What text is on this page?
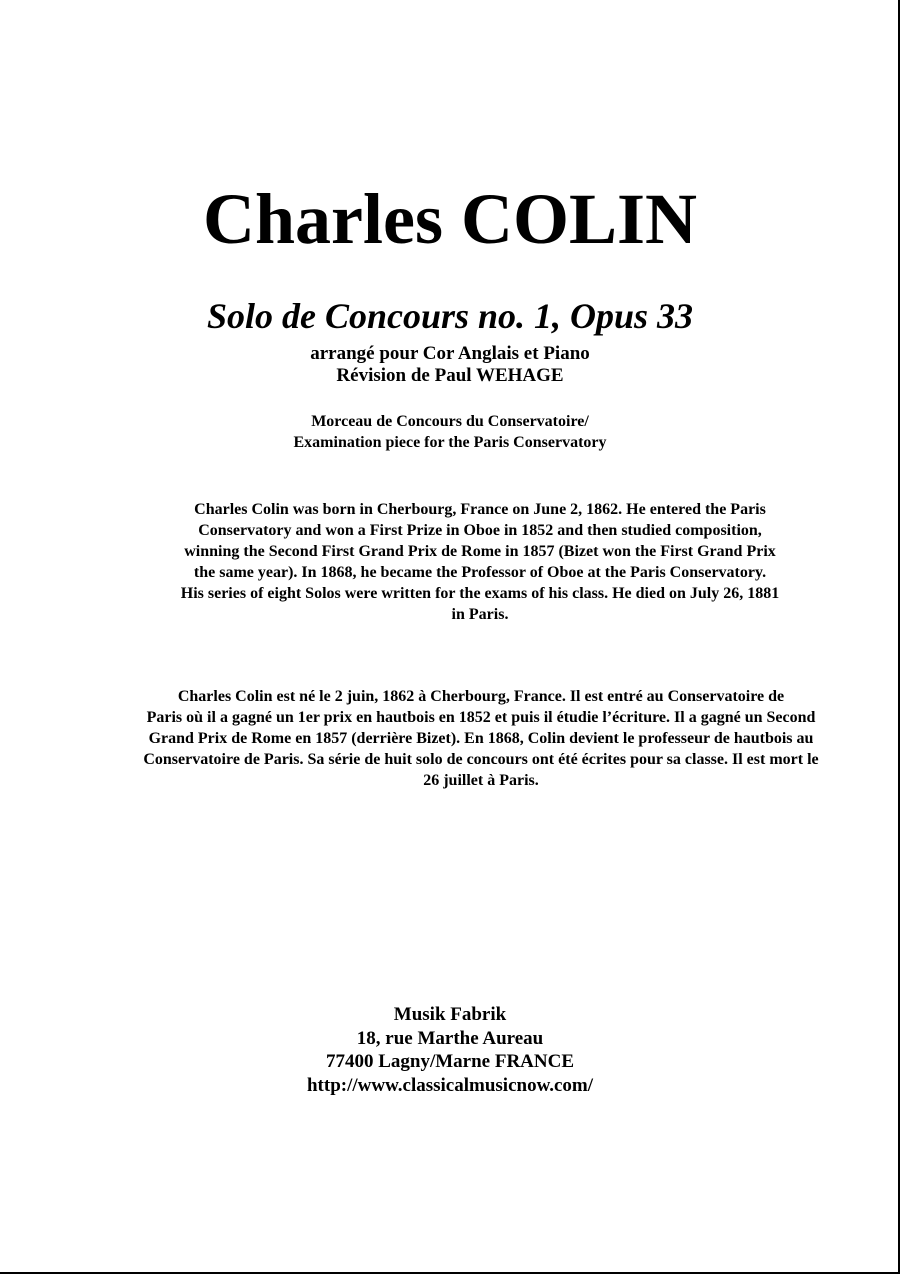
Charles COLIN
Solo de Concours no. 1, Opus 33
arrangé pour Cor Anglais et Piano
Révision de Paul WEHAGE
Morceau de Concours du Conservatoire/
Examination piece for the Paris Conservatory
Charles Colin was born in Cherbourg, France on June 2, 1862. He entered the Paris
Conservatory and won a First Prize in Oboe in 1852 and then studied composition,
winning the Second First Grand Prix de Rome in 1857 (Bizet won the First Grand Prix
the same year). In 1868, he became the Professor of Oboe at the Paris Conservatory.
His series of eight Solos were written for the exams of his class. He died on July 26, 1881
in Paris.
Charles Colin est né le 2 juin, 1862 à Cherbourg, France. Il est entré au Conservatoire de
Paris où il a gagné un 1er prix en hautbois en 1852 et puis il étudie l’écriture. Il a gagné un Second
Grand Prix de Rome en 1857 (derrière Bizet). En 1868, Colin devient le professeur de hautbois au
Conservatoire de Paris. Sa série de huit solo de concours ont été écrites pour sa classe. Il est mort le
26 juillet à Paris.
Musik Fabrik
18, rue Marthe Aureau
77400 Lagny/Marne FRANCE
http://www.classicalmusicnow.com/
